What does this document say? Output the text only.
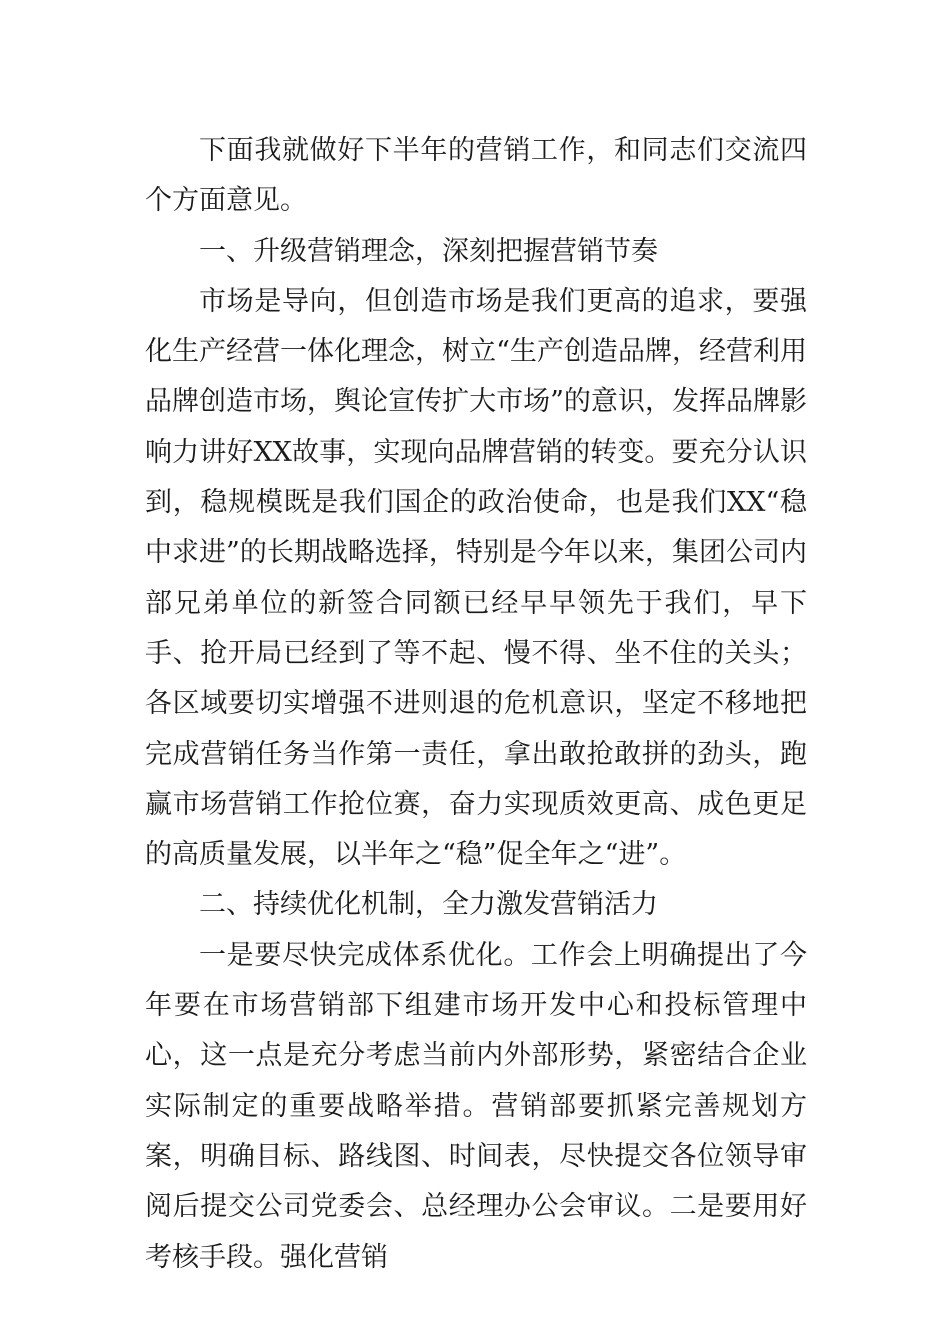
下面我就做好下半年的营销工作，和同志们交流四个方面意见。

一、升级营销理念，深刻把握营销节奏

市场是导向，但创造市场是我们更高的追求，要强化生产经营一体化理念，树立“生产创造品牌，经营利用品牌创造市场，舆论宣传扩大市场”的意识，发挥品牌影响力讲好XX故事，实现向品牌营销的转变。要充分认识到，稳规模既是我们国企的政治使命，也是我们XX“稳中求进”的长期战略选择，特别是今年以来，集团公司内部兄弟单位的新签合同额已经早早领先于我们，早下手、抢开局已经到了等不起、慢不得、坐不住的关头；各区域要切实增强不进则退的危机意识，坚定不移地把完成营销任务当作第一责任，拿出敢抢敢拼的劲头，跑赢市场营销工作抢位赛，奋力实现质效更高、成色更足的高质量发展，以半年之“稳”促全年之“进”。

二、持续优化机制，全力激发营销活力

一是要尽快完成体系优化。工作会上明确提出了今年要在市场营销部下组建市场开发中心和投标管理中心，这一点是充分考虑当前内外部形势，紧密结合企业实际制定的重要战略举措。营销部要抓紧完善规划方案，明确目标、路线图、时间表，尽快提交各位领导审阅后提交公司党委会、总经理办公会审议。二是要用好考核手段。强化营销
